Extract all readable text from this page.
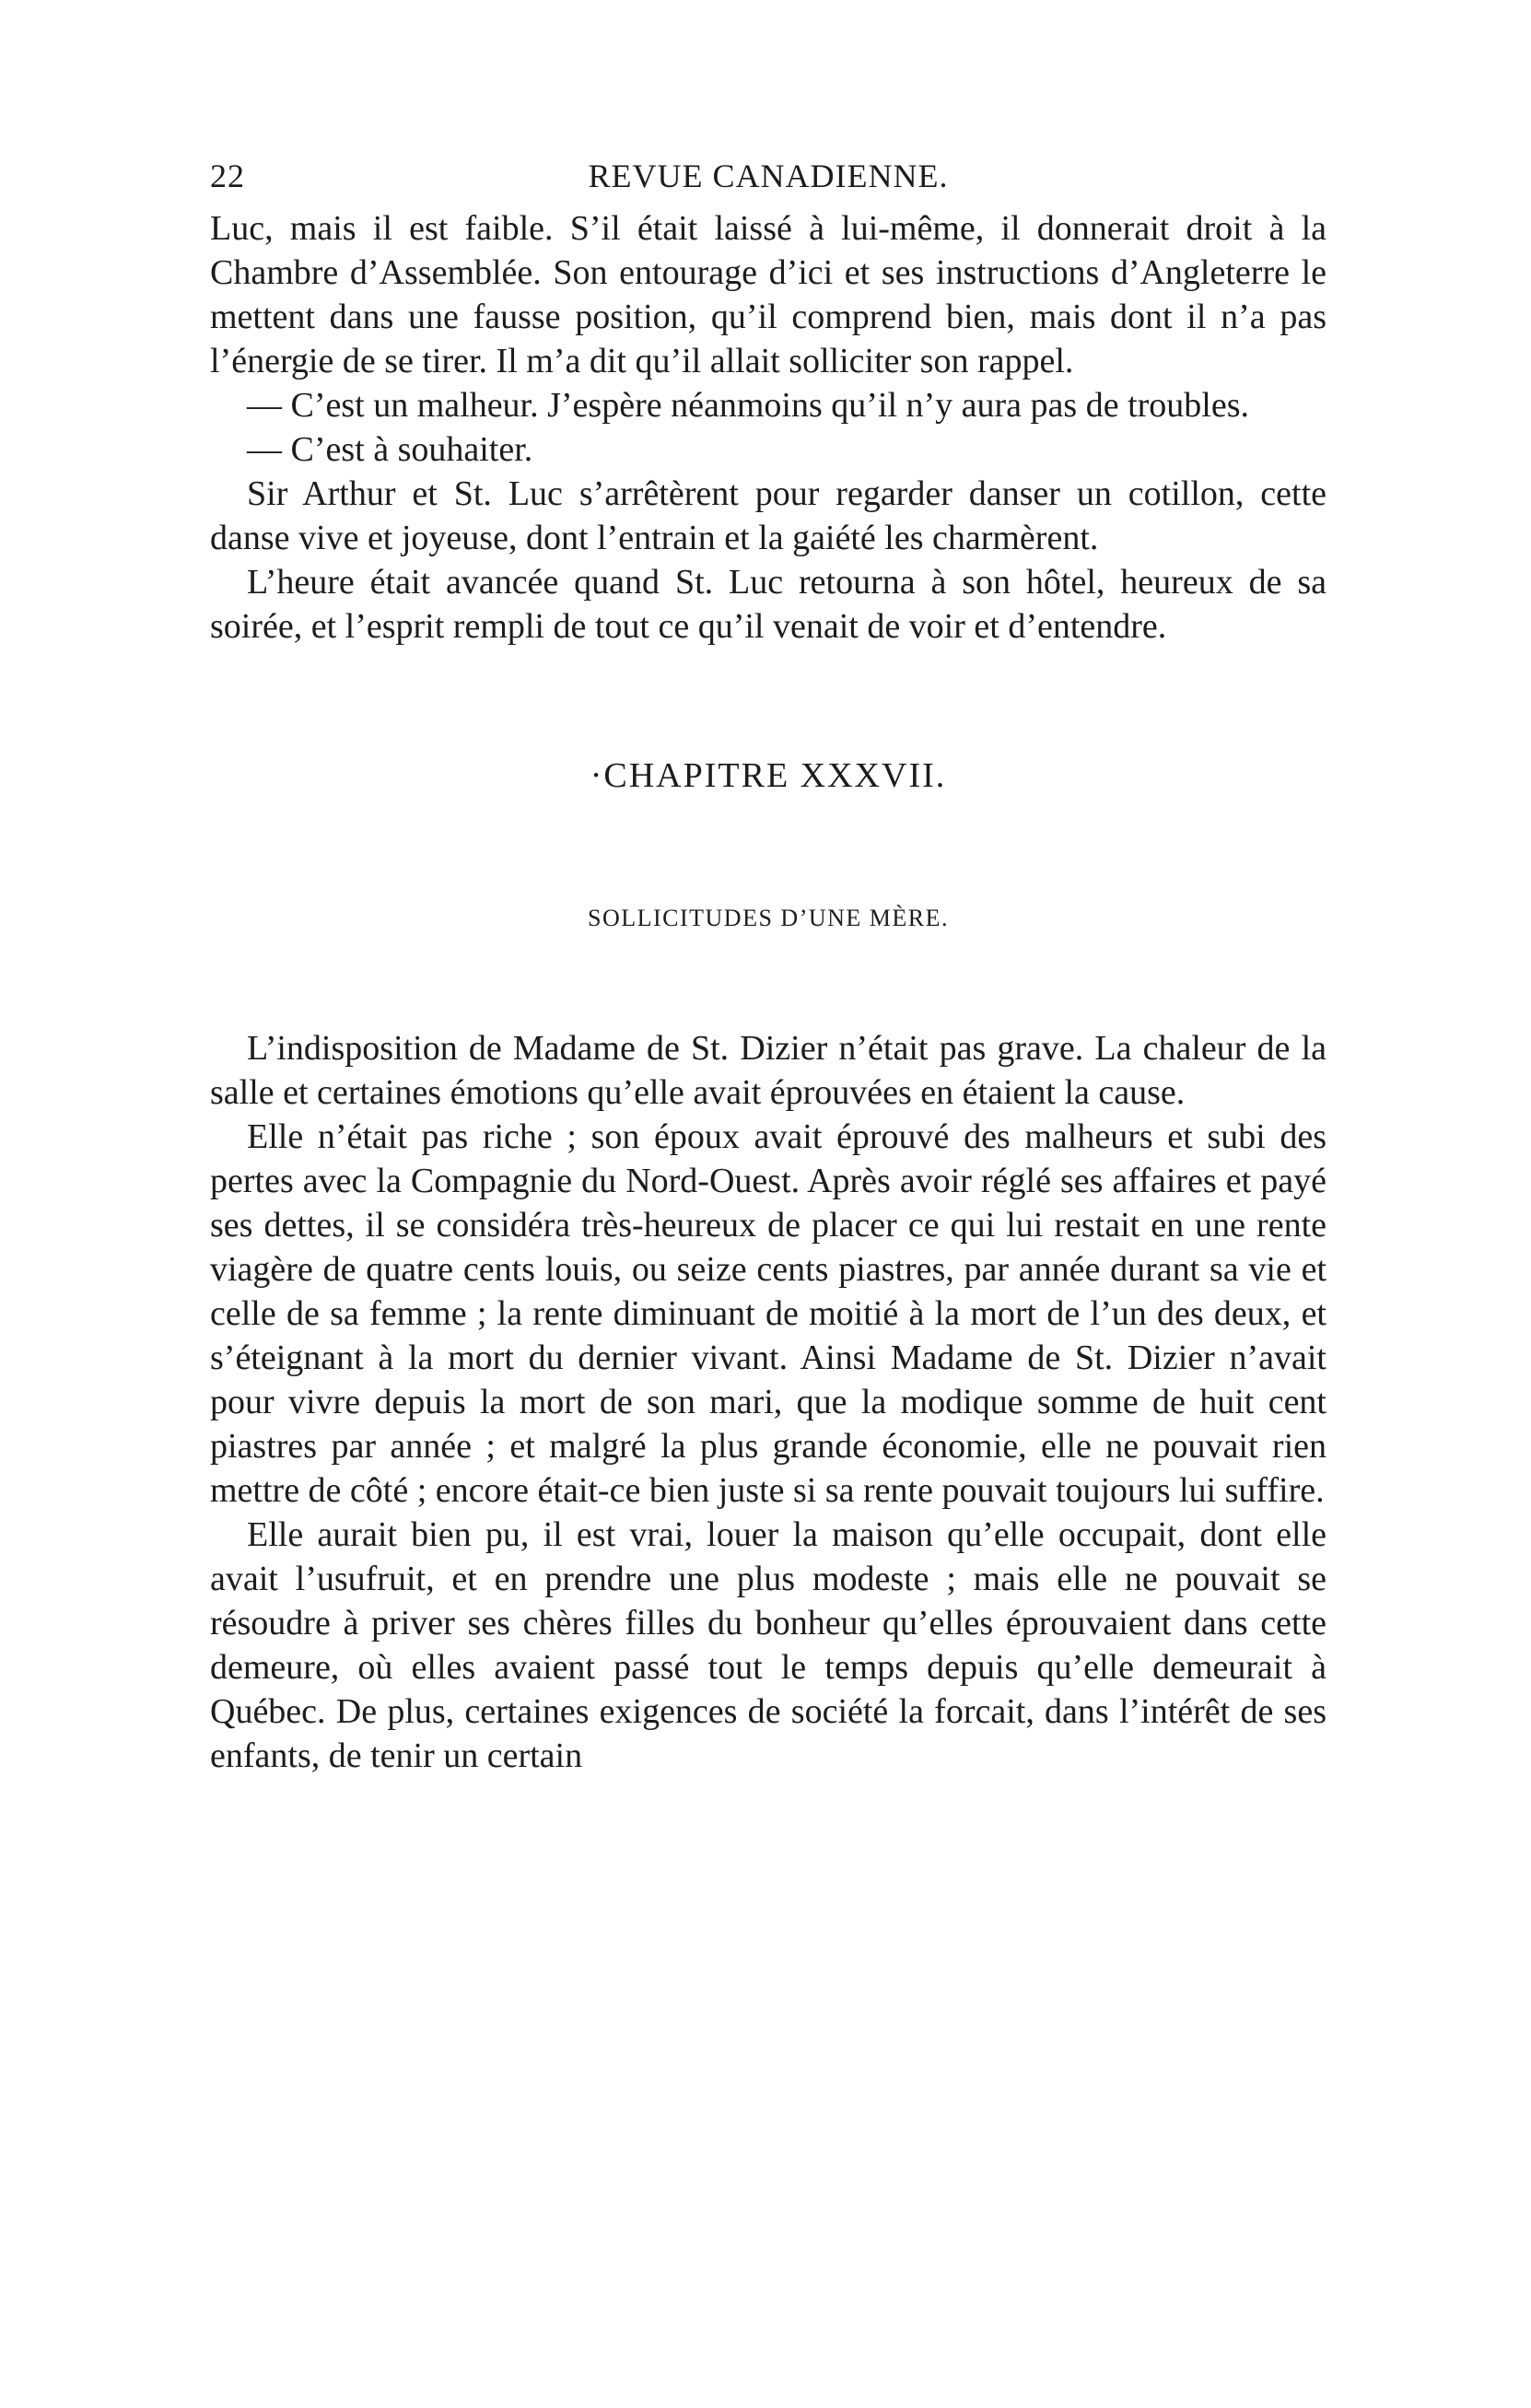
22	REVUE CANADIENNE.

Luc, mais il est faible. S’il était laissé à lui-même, il donnerait droit à la Chambre d’Assemblée. Son entourage d’ici et ses instructions d’Angleterre le mettent dans une fausse position, qu’il comprend bien, mais dont il n’a pas l’énergie de se tirer. Il m’a dit qu’il allait solliciter son rappel.

— C’est un malheur. J’espère néanmoins qu’il n’y aura pas de troubles.

— C’est à souhaiter.

Sir Arthur et St. Luc s’arrêtèrent pour regarder danser un cotillon, cette danse vive et joyeuse, dont l’entrain et la gaiété les charmèrent.

L’heure était avancée quand St. Luc retourna à son hôtel, heureux de sa soirée, et l’esprit rempli de tout ce qu’il venait de voir et d’entendre.

·CHAPITRE XXXVII.
SOLLICITUDES D’UNE MÈRE.

L’indisposition de Madame de St. Dizier n’était pas grave. La chaleur de la salle et certaines émotions qu’elle avait éprouvées en étaient la cause.

Elle n’était pas riche ; son époux avait éprouvé des malheurs et subi des pertes avec la Compagnie du Nord-Ouest. Après avoir réglé ses affaires et payé ses dettes, il se considéra très-heureux de placer ce qui lui restait en une rente viagère de quatre cents louis, ou seize cents piastres, par année durant sa vie et celle de sa femme ; la rente diminuant de moitié à la mort de l’un des deux, et s’éteignant à la mort du dernier vivant. Ainsi Madame de St. Dizier n’avait pour vivre depuis la mort de son mari, que la modique somme de huit cent piastres par année ; et malgré la plus grande économie, elle ne pouvait rien mettre de côté ; encore était-ce bien juste si sa rente pouvait toujours lui suffire.

Elle aurait bien pu, il est vrai, louer la maison qu’elle occupait, dont elle avait l’usufruit, et en prendre une plus modeste ; mais elle ne pouvait se résoudre à priver ses chères filles du bonheur qu’elles éprouvaient dans cette demeure, où elles avaient passé tout le temps depuis qu’elle demeurait à Québec. De plus, certaines exigences de société la forcait, dans l’intérêt de ses enfants, de tenir un certain
